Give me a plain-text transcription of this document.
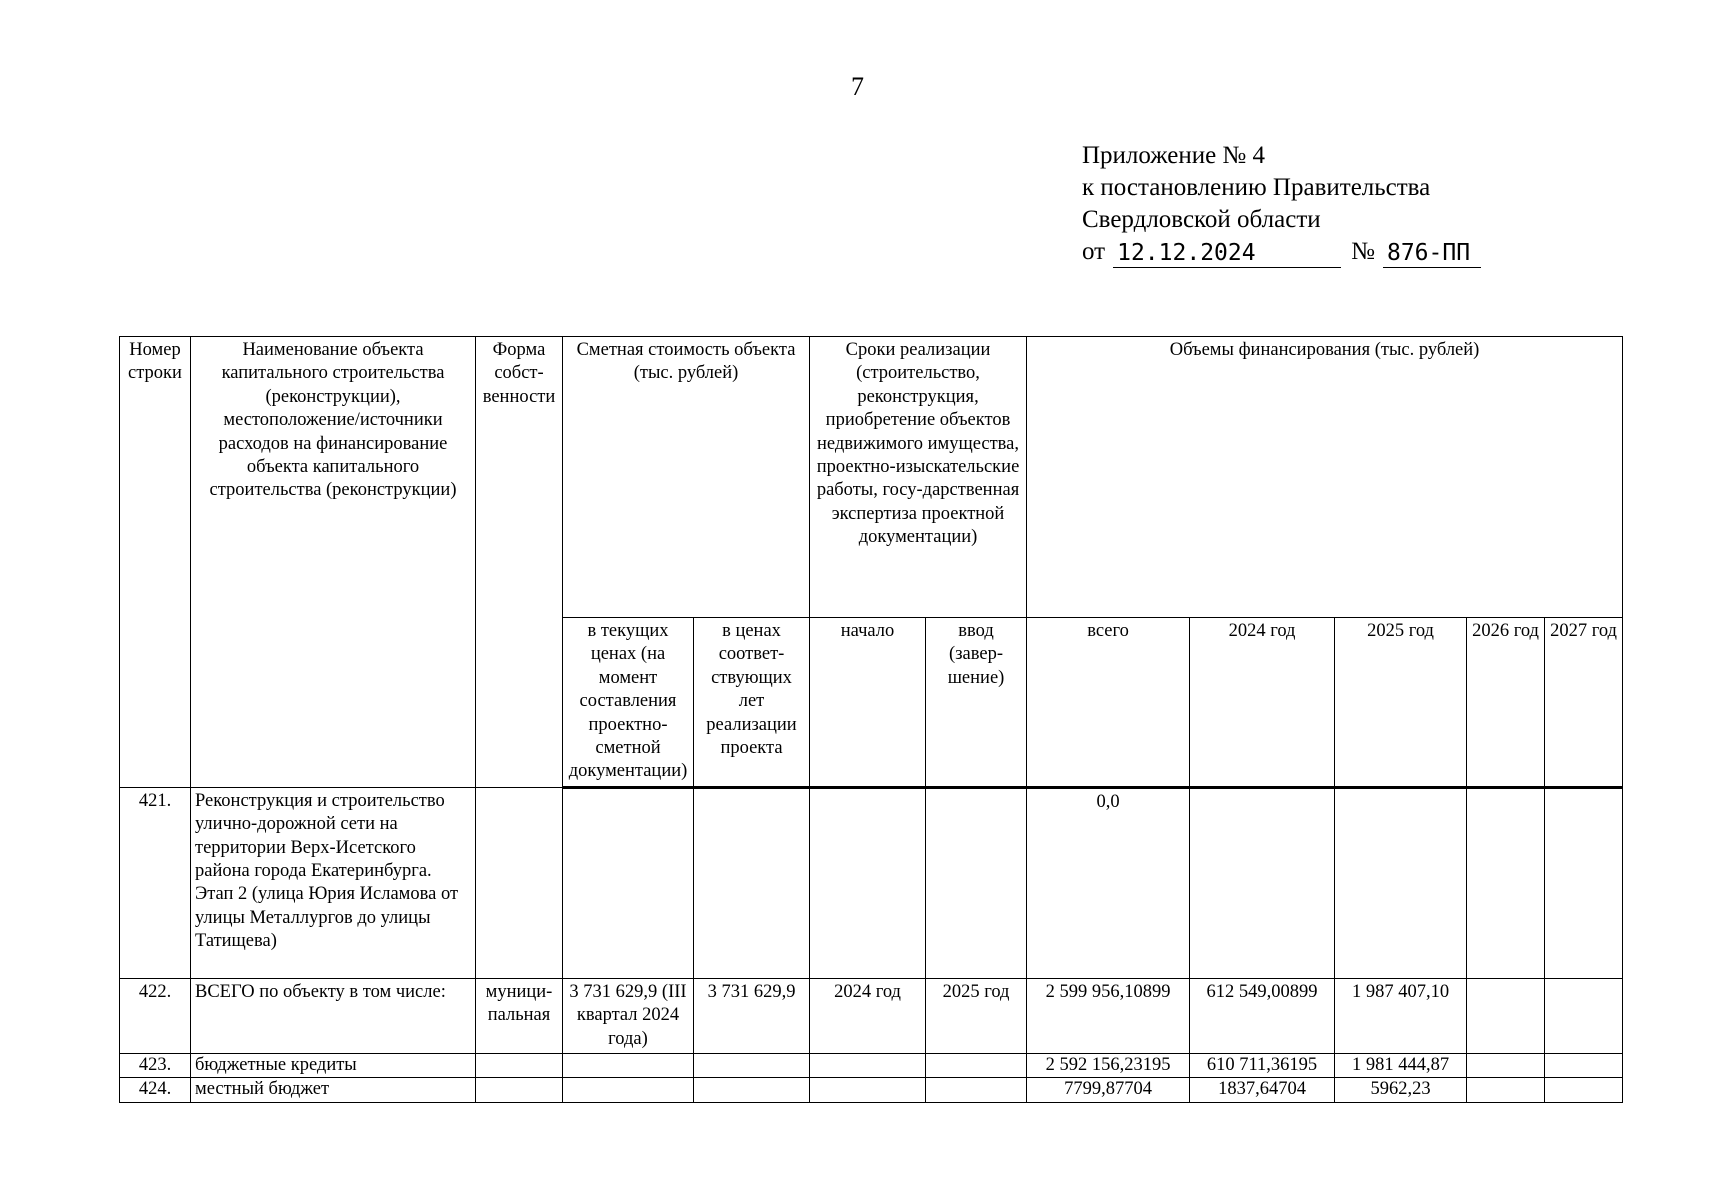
7
Приложение № 4
к постановлению Правительства
Свердловской области
от 12.12.2024	№ 876-ПП
Номер строки	Наименование объекта капитального строительства (реконструкции), местоположение/источники расходов на финансирование объекта капитального строительства (реконструкции)	Форма собст-венности	Сметная стоимость объекта (тыс. рублей)		Сроки реализации (строительство, реконструкция, приобретение объектов недвижимого имущества, проектно-изыскательские работы, госу-дарственная экспертиза проектной документации)		Объемы финансирования (тыс. рублей)				
			в текущих ценах (на момент составления проектно-сметной документации)	в ценах соответ-ствующих лет реализации проекта	начало	ввод (завер-шение)	всего	2024 год	2025 год	2026 год	2027 год
421.	Реконструкция и строительство улично-дорожной сети на территории Верх-Исетского района города Екатеринбурга. Этап 2 (улица Юрия Исламова от улицы Металлургов до улицы Татищева)						0,0				
422.	ВСЕГО по объекту в том числе:	муници-пальная	3 731 629,9 (III квартал 2024 года)	3 731 629,9	2024 год	2025 год	2 599 956,10899	612 549,00899	1 987 407,10		
423.	бюджетные кредиты						2 592 156,23195	610 711,36195	1 981 444,87		
424.	местный бюджет						7799,87704	1837,64704	5962,23		
